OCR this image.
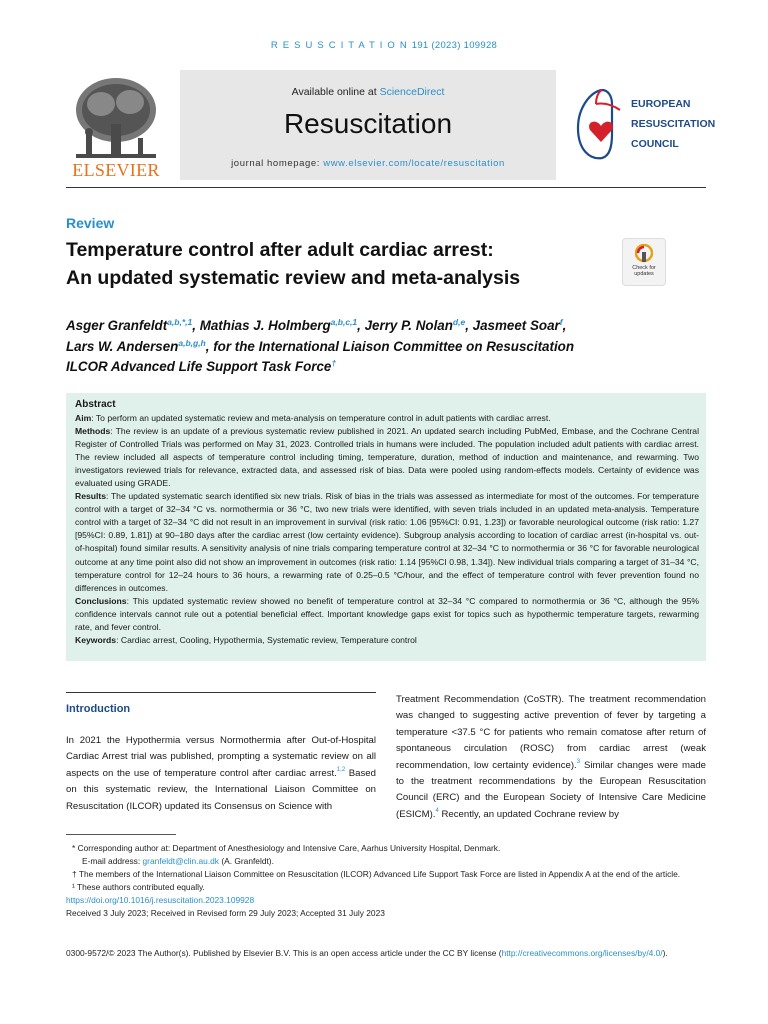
R E S U S C I T A T I O N 191 (2023) 109928
ELSEVIER
Available online at ScienceDirect
Resuscitation
journal homepage: www.elsevier.com/locate/resuscitation
EUROPEAN
RESUSCITATION
COUNCIL
Review
Temperature control after adult cardiac arrest:
An updated systematic review and meta-analysis	Check for
updates
Asger Granfeldt$^{a,b,*,1}$, Mathias J. Holmberg$^{a,b,c,1}$, Jerry P. Nolan$^{d,e}$, Jasmeet Soar$^f$,
Lars W. Andersen$^{a,b,g,h}$, for the International Liaison Committee on Resuscitation
ILCOR Advanced Life Support Task Force†
Abstract

Aim: To perform an updated systematic review and meta-analysis on temperature control in adult patients with cardiac arrest.

Methods: The review is an update of a previous systematic review published in 2021. An updated search including PubMed, Embase, and the Cochrane Central Register of Controlled Trials was performed on May 31, 2023. Controlled trials in humans were included. The population included adult patients with cardiac arrest. The review included all aspects of temperature control including timing, temperature, duration, method of induction and maintenance, and rewarming. Two investigators reviewed trials for relevance, extracted data, and assessed risk of bias. Data were pooled using random-effects models. Certainty of evidence was evaluated using GRADE.

Results: The updated systematic search identified six new trials. Risk of bias in the trials was assessed as intermediate for most of the outcomes. For temperature control with a target of 32–34 °C vs. normothermia or 36 °C, two new trials were identified, with seven trials included in an updated meta-analysis. Temperature control with a target of 32–34 °C did not result in an improvement in survival (risk ratio: 1.06 [95%CI: 0.91, 1.23]) or favorable neurological outcome (risk ratio: 1.27 [95%CI: 0.89, 1.81]) at 90–180 days after the cardiac arrest (low certainty evidence). Subgroup analysis according to location of cardiac arrest (in-hospital vs. out-of-hospital) found similar results. A sensitivity analysis of nine trials comparing temperature control at 32–34 °C to normothermia or 36 °C for favorable neurological outcome at any time point also did not show an improvement in outcomes (risk ratio: 1.14 [95%CI 0.98, 1.34]). New individual trials comparing a target of 31–34 °C, temperature control for 12–24 hours to 36 hours, a rewarming rate of 0.25–0.5 °C/hour, and the effect of temperature control with fever prevention found no differences in outcomes.

Conclusions: This updated systematic review showed no benefit of temperature control at 32–34 °C compared to normothermia or 36 °C, although the 95% confidence intervals cannot rule out a potential beneficial effect. Important knowledge gaps exist for topics such as hypothermic temperature targets, rewarming rate, and fever control.

Keywords: Cardiac arrest, Cooling, Hypothermia, Systematic review, Temperature control

Introduction

In 2021 the Hypothermia versus Normothermia after Out-of-Hospital Cardiac Arrest trial was published, prompting a systematic review on all aspects on the use of temperature control after cardiac arrest.$^{1,2}$ Based on this systematic review, the International Liaison Committee on Resuscitation (ILCOR) updated its Consensus on Science with

Treatment Recommendation (CoSTR). The treatment recommendation was changed to suggesting active prevention of fever by targeting a temperature <37.5 °C for patients who remain comatose after return of spontaneous circulation (ROSC) from cardiac arrest (weak recommendation, low certainty evidence).$^3$ Similar changes were made to the treatment recommendations by the European Resuscitation Council (ERC) and the European Society of Intensive Care Medicine (ESICM).$^4$ Recently, an updated Cochrane review by

* Corresponding author at: Department of Anesthesiology and Intensive Care, Aarhus University Hospital, Denmark.

E-mail address: granfeldt@clin.au.dk (A. Granfeldt).

† The members of the International Liaison Committee on Resuscitation (ILCOR) Advanced Life Support Task Force are listed in Appendix A at the end of the article.

¹ These authors contributed equally.

https://doi.org/10.1016/j.resuscitation.2023.109928

Received 3 July 2023; Received in Revised form 29 July 2023; Accepted 31 July 2023

0300-9572/© 2023 The Author(s). Published by Elsevier B.V. This is an open access article under the CC BY license (http://creativecommons.org/licenses/by/4.0/).
